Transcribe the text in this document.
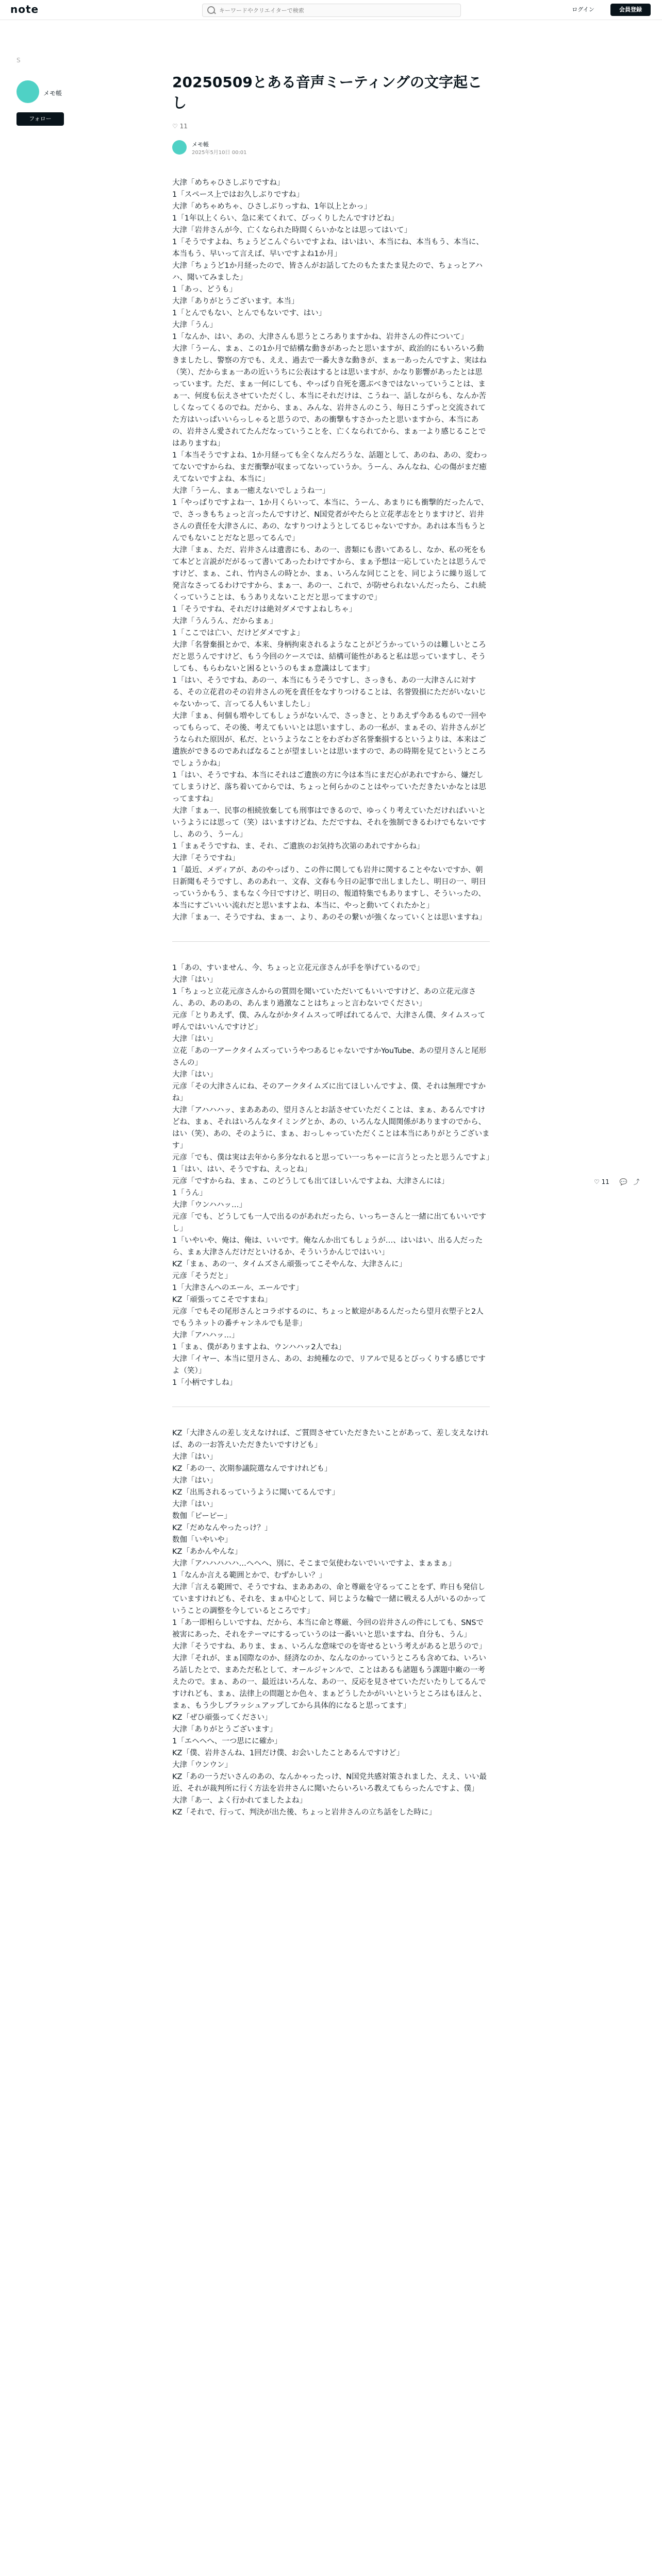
note
キーワードやクリエイターで検索	ログイン	会員登録
S
メモ帳
フォロー
20250509とある音声ミーティングの文字起こし
♡ 11
メモ帳
2025年5月10日 00:01
大津「めちゃひさしぶりですね」
1「スペース上ではお久しぶりですね」
大津「めちゃめちゃ、ひさしぶりっすね、1年以上とかっ」
1「1年以上くらい、急に来てくれて、びっくりしたんですけどね」
大津「岩井さんが今、亡くなられた時間くらいかなとは思ってはいて」
1「そうですよね、ちょうどこんぐらいですよね、はいはい、本当にね、本当もう、本当に、本当もう、早いって言えば、早いですよね1か月」
大津「ちょうど1か月経ったので、皆さんがお話してたのもたまたま見たので、ちょっとアハハ、聞いてみました」
1「あっ、どうも」
大津「ありがとうございます。本当」
1「とんでもない、とんでもないです、はい」
大津「うん」
1「なんか、はい、あの、大津さんも思うところありますかね、岩井さんの件について」
大津「うーん、まぁ、この1か月で結構な動きがあったと思いますが、政治的にもいろいろ動きましたし、警察の方でも、ええ、過去で一番大きな動きが、まぁ一あったんですよ、実はね（笑）、だからまぁ一あの近いうちに公表はするとは思いますが、かなり影響があったとは思っています。ただ、まぁ一何にしても、やっぱり自死を選ぶべきではないっていうことは、まぁ一、何度も伝えさせていただくし、本当にそれだけは、こうね一、話しながらも、なんか苦しくなってくるのでね。だから、まぁ、みんな、岩井さんのこう、毎日こうずっと交流されてた方はいっぱいいらっしゃると思うので、あの衝撃もすさかったと思いますから、本当にあの、岩井さん愛されてたんだなっていうことを、亡くなられてから、まぁ一より感じることではありますね」
1「本当そうですよね、1か月経っても全くなんだろうな、話題として、あのね、あの、変わってないですからね、まだ衝撃が収まってないっていうか。うーん、みんなね、心の傷がまだ癒えてないですよね、本当に」
大津「うーん、まぁ一癒えないでしょうね一」
1「やっぱりですよね一、1か月くらいって、本当に、うーん、あまりにも衝撃的だったんで、で、さっきもちょっと言ったんですけど、N国党者がやたらと立花孝志をとりますけど、岩井さんの責任を大津さんに、あの、なすりつけようとしてるじゃないですか。あれは本当もうとんでもないことだなと思ってるんで」
大津「まぁ、ただ、岩井さんは遺書にも、あの一、書類にも書いてあるし、なか、私の死をもて本どと言説がだがるって書いてあったわけですから、まぁ予想は一応していたとは思うんですけど、まぁ、これ、竹内さんの時とか、まぁ、いろんな同じことを、同じように繰り返して発言なさってるわけですから、まぁ一、あの一、これで、が防せられないんだったら、これ続くっていうことは、もうありえないことだと思ってますので」
1「そうですね、それだけは絶対ダメですよねしちゃ」
大津「うんうん、だからまぁ」
1「ここでは亡い、だけどダメですよ」
大津「名誉棄損とかで、本来、身柄拘束されるようなことがどうかっていうのは難しいところだと思うんですけど、もう今回のケースでは、結構可能性があると私は思っていますし、そうしても、もらわないと困るというのもまぁ意識はしてます」
1「はい、そうですね、あの一、本当にもうそうですし、さっきも、あの一大津さんに対する、その立花君のその岩井さんの死を責任をなすりつけることは、名誉毀損にただがいないじゃないかって、言ってる人もいましたし」
大津「まぁ、何個も増やしてもしょうがないんで、さっきと、とりあえず今あるもので一回やってもらって、その後、考えてもいいとは思いますし、あの一私が、まぁその、岩井さんがどうなられた原因が、私だ、というようなことをわざわざ名誉棄損するというよりは、本来はご遺族ができるのであればなることが望ましいとは思いますので、あの時期を見てというところでしょうかね」
1「はい、そうですね、本当にそれはご遺族の方に今は本当にまだ心があれですから、嫌だしてしまうけど、落ち着いてからでは、ちょっと何らかのことはやっていただきたいかなとは思ってますね」
大津「まぁ一、民事の相続放棄しても刑事はできるので、ゆっくり考えていただければいいというようには思って（笑）はいますけどね、ただですね、それを強制できるわけでもないですし、あのう、うーん」
1「まぁそうですね、ま、それ、ご遺族のお気持ち次第のあれですからね」
大津「そうですね」
1「最近、メディアが、あのやっぱり、この件に関しても岩井に関することやないですか、朝日新聞もそうですし、あのあれ一、文春、文春も今日の記事で出しましたし、明日の一、明日っていうかもう、まもなく今日ですけど、明日の、報道特集でもありますし、そういったの、本当にすごいいい流れだと思いますよね、本当に、やっと動いてくれたかと」
大津「まぁ一、そうですね、まぁ一、より、あのその繋いが強くなっていくとは思いますね」
1「あの、すいません、今、ちょっと立花元彦さんが手を挙げているので」
大津「はい」
1「ちょっと立花元彦さんからの質問を聞いていただいてもいいですけど、あの立花元彦さん、あの、あのあの、あんまり過激なことはちょっと言わないでください」
元彦「とりあえず、僕、みんながかタイムスって呼ばれてるんで、大津さん僕、タイムスって呼んではいいんですけど」
大津「はい」
立花「あの一アークタイムズっていうやつあるじゃないですかYouTube、あの望月さんと尾形さんの」
大津「はい」
元彦「その大津さんにね、そのアークタイムズに出てほしいんですよ、僕、それは無理ですかね」
大津「アハハハッ、まあああの、望月さんとお話させていただくことは、まぁ、あるんですけどね、まぁ、それはいろんなタイミングとか、あの、いろんな人間関係がありますのでから、はい（笑）、あの、そのように、まぁ、おっしゃっていただくことは本当にありがとうございます」
元彦「でも、僕は実は去年から多分なれると思ってい一っちゃーに言うとったと思うんですよ」
1「はい、はい、そうですね、えっとね」
元彦「ですからね、まぁ、このどうしても出てほしいんですよね、大津さんには」
1「うん」
大津「ウンハハッ…」
元彦「でも、どうしても一人で出るのがあれだったら、いっちーさんと一緒に出てもいいですし」
1「いやいや、俺は、俺は、いいです。俺なんか出てもしょうが…、はいはい、出る人だったら、まぁ大津さんだけだといけるか、そういうかんじではいい」
KZ「まぁ、あの一、タイムズさん頑張ってこそやんな、大津さんに」
元彦「そうだと」
1「大津さんへのエール、エールです」
KZ「頑張ってこそですまね」
元彦「でもその尾形さんとコラボするのに、ちょっと歓迎があるんだったら望月衣塑子と2人でもうネットの番チャンネルでも是非」
大津「アハハッ…」
1「まぁ、僕がありますよね、ウンハハッ2人でね」
大津「イヤー、本当に望月さん、あの、お純種なので、リアルで見るとびっくりする感じですよ（笑）」
1「小柄ですしね」
KZ「大津さんの差し支えなければ、ご質問させていただきたいことがあって、差し支えなければ、あの一お答えいただきたいですけども」
大津「はい」
KZ「あの一、次期参議院選なんですけれども」
大津「はい」
KZ「出馬されるっていうように聞いてるんです」
大津「はい」
数伽「ピーピー」
KZ「だめなんやったっけ？」
数伽「いやいや」
KZ「あかんやんな」
大津「アハハハハハ…ヘヘヘ、別に、そこまで気使わないでいいですよ、まぁまぁ」
1「なんか言える範囲とかで、むずかしい？」
大津「言える範囲で、そうですね、まあああの、命と尊厳を守るってことをず、昨日も発信していますけれども、それを、まぁ中心として、同じような輪で一緒に戦える人がいるのかっていうことの調整を今しているところです」
1「あ一即相らしいですね、だから、本当に命と尊厳、今回の岩井さんの件にしても、SNSで被害にあった、それをテーマにするっていうのは一番いいと思いますね、自分も、うん」
大津「そうですね、ありま、まぁ、いろんな意味でのを寄せるという考えがあると思うので」
大津「それが、まぁ国際なのか、経済なのか、なんなのかっていうところも含めてね、いろいろ話したとで、まあただ私として、オールジャンルで、ことはあるも諸題もう課題中廠の一考えたので。まぁ、あの一、最近はいろんな、あの一、反応を見させていただいたりしてるんですけれども、まぁ、法律上の問題とか色々、まぁどうしたかがいいというところはもほんと、まぁ、もう少しブラッシュアップしてから具体的になると思ってます」
KZ「ぜひ頑張ってください」
大津「ありがとうございます」
1「エヘヘへ、一つ思にに確か」
KZ「僕、岩井さんね、1回だけ僕、お会いしたことあるんですけど」
大津「ウンウン」
KZ「あの一うだいさんのあの、なんかゃったっけ、N国党共感対策されました、ええ、いい最近、それが裁判所に行く方法を岩井さんに聞いたらいろいろ教えてもらったんですよ、僕」
大津「あ一、よく行かれてましたよね」
KZ「それで、行って、判決が出た後、ちょっと岩井さんの立ち話をした時に」
♡ 11 💬 ⤴
